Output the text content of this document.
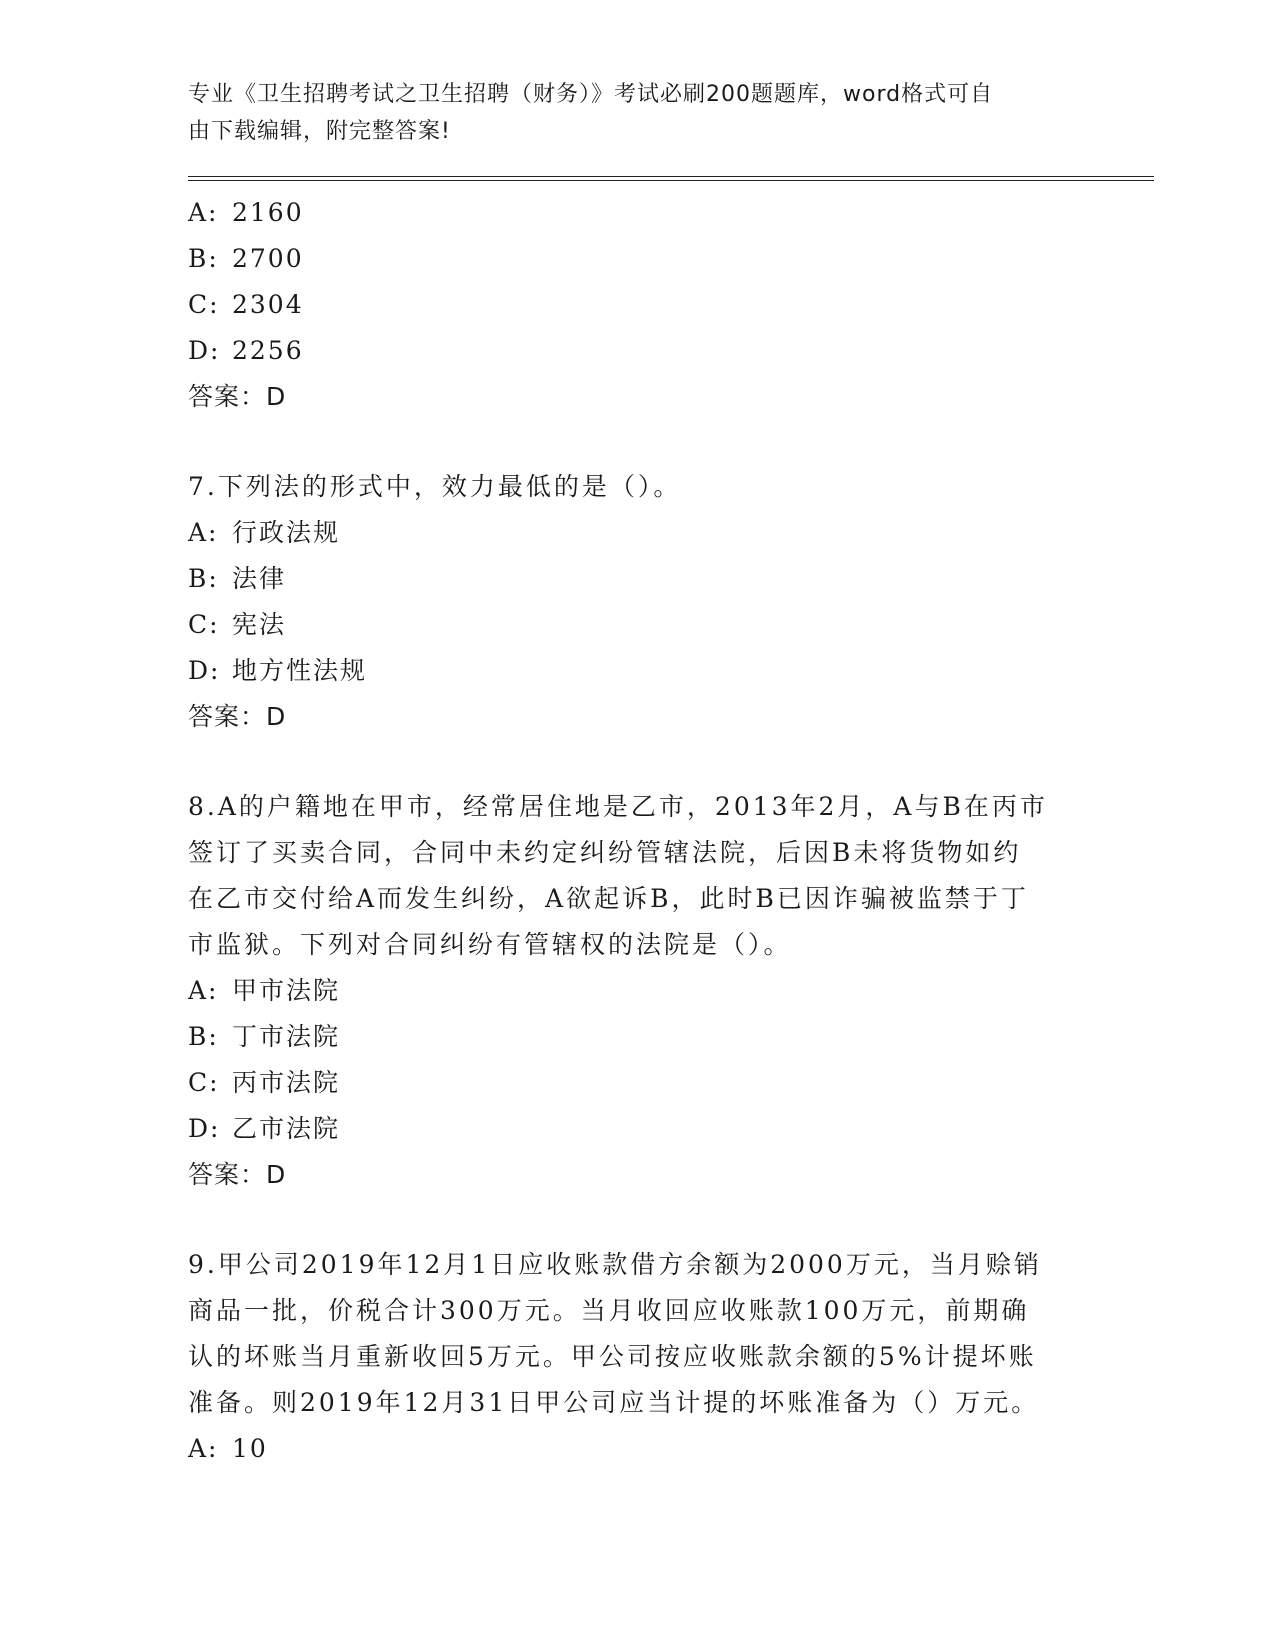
专业《卫生招聘考试之卫生招聘（财务）》考试必刷200题题库，word格式可自
由下载编辑，附完整答案!
A: 2160
B: 2700
C: 2304
D: 2256
答案：D
7.下列法的形式中，效力最低的是（）。
A: 行政法规
B: 法律
C: 宪法
D: 地方性法规
答案：D
8.A的户籍地在甲市，经常居住地是乙市，2013年2月，A与B在丙市
签订了买卖合同，合同中未约定纠纷管辖法院，后因B未将货物如约
在乙市交付给A而发生纠纷，A欲起诉B，此时B已因诈骗被监禁于丁
市监狱。下列对合同纠纷有管辖权的法院是（）。
A: 甲市法院
B: 丁市法院
C: 丙市法院
D: 乙市法院
答案：D
9.甲公司2019年12月1日应收账款借方余额为2000万元，当月赊销
商品一批，价税合计300万元。当月收回应收账款100万元，前期确
认的坏账当月重新收回5万元。甲公司按应收账款余额的5%计提坏账
准备。则2019年12月31日甲公司应当计提的坏账准备为（）万元。
A: 10
